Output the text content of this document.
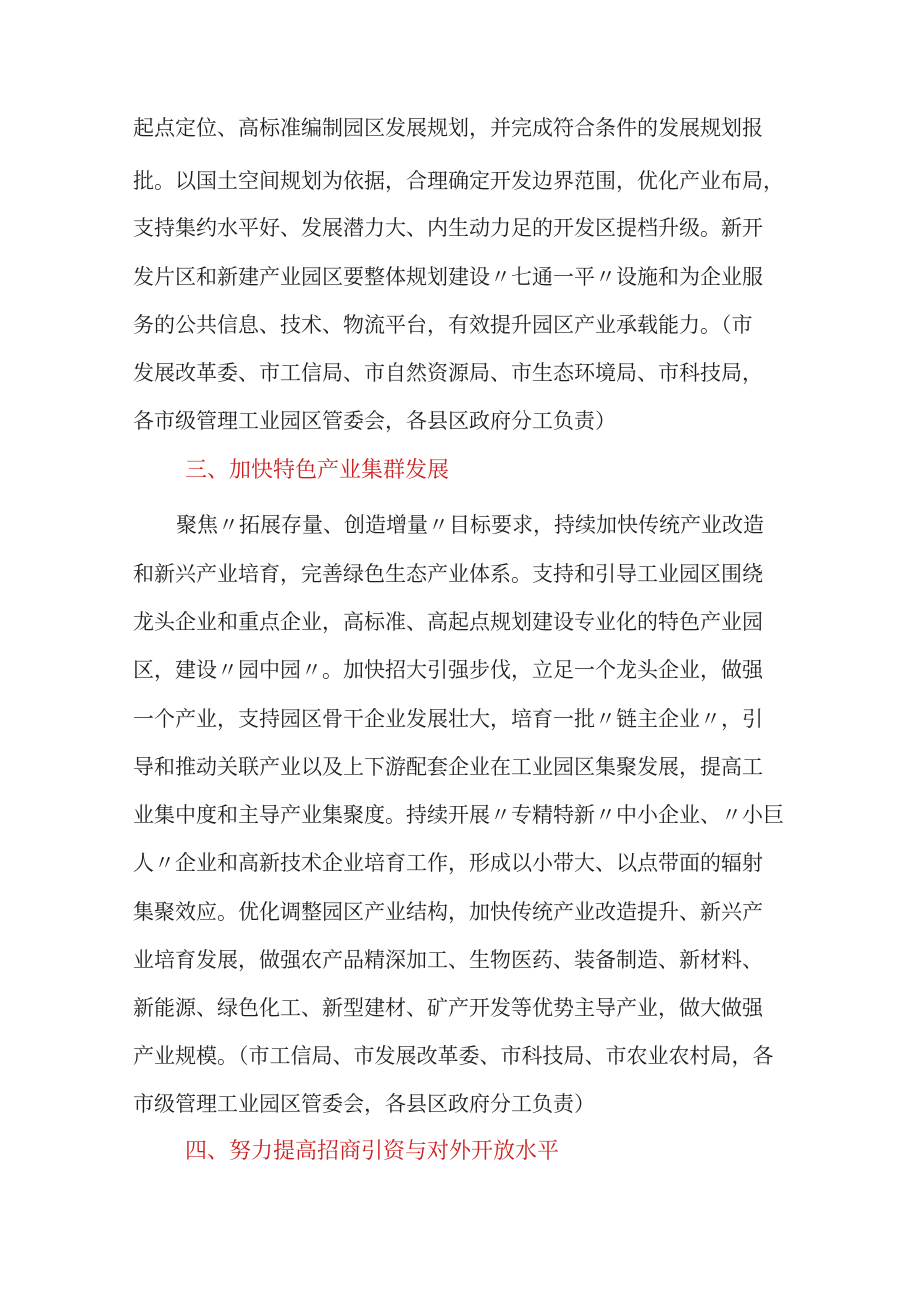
起点定位、高标准编制园区发展规划，并完成符合条件的发展规划报

批。以国土空间规划为依据，合理确定开发边界范围，优化产业布局，

支持集约水平好、发展潜力大、内生动力足的开发区提档升级。新开

发片区和新建产业园区要整体规划建设〃七通一平〃设施和为企业服

务的公共信息、技术、物流平台，有效提升园区产业承载能力。（市

发展改革委、市工信局、市自然资源局、市生态环境局、市科技局，

各市级管理工业园区管委会，各县区政府分工负责）

三、加快特色产业集群发展

聚焦〃拓展存量、创造增量〃目标要求，持续加快传统产业改造

和新兴产业培育，完善绿色生态产业体系。支持和引导工业园区围绕

龙头企业和重点企业，高标准、高起点规划建设专业化的特色产业园

区，建设〃园中园〃。加快招大引强步伐，立足一个龙头企业，做强

一个产业，支持园区骨干企业发展壮大，培育一批〃链主企业〃，引

导和推动关联产业以及上下游配套企业在工业园区集聚发展，提高工

业集中度和主导产业集聚度。持续开展〃专精特新〃中小企业、〃小巨

人〃企业和高新技术企业培育工作，形成以小带大、以点带面的辐射

集聚效应。优化调整园区产业结构，加快传统产业改造提升、新兴产

业培育发展，做强农产品精深加工、生物医药、装备制造、新材料、

新能源、绿色化工、新型建材、矿产开发等优势主导产业，做大做强

产业规模。（市工信局、市发展改革委、市科技局、市农业农村局，各

市级管理工业园区管委会，各县区政府分工负责）

四、努力提高招商引资与对外开放水平
